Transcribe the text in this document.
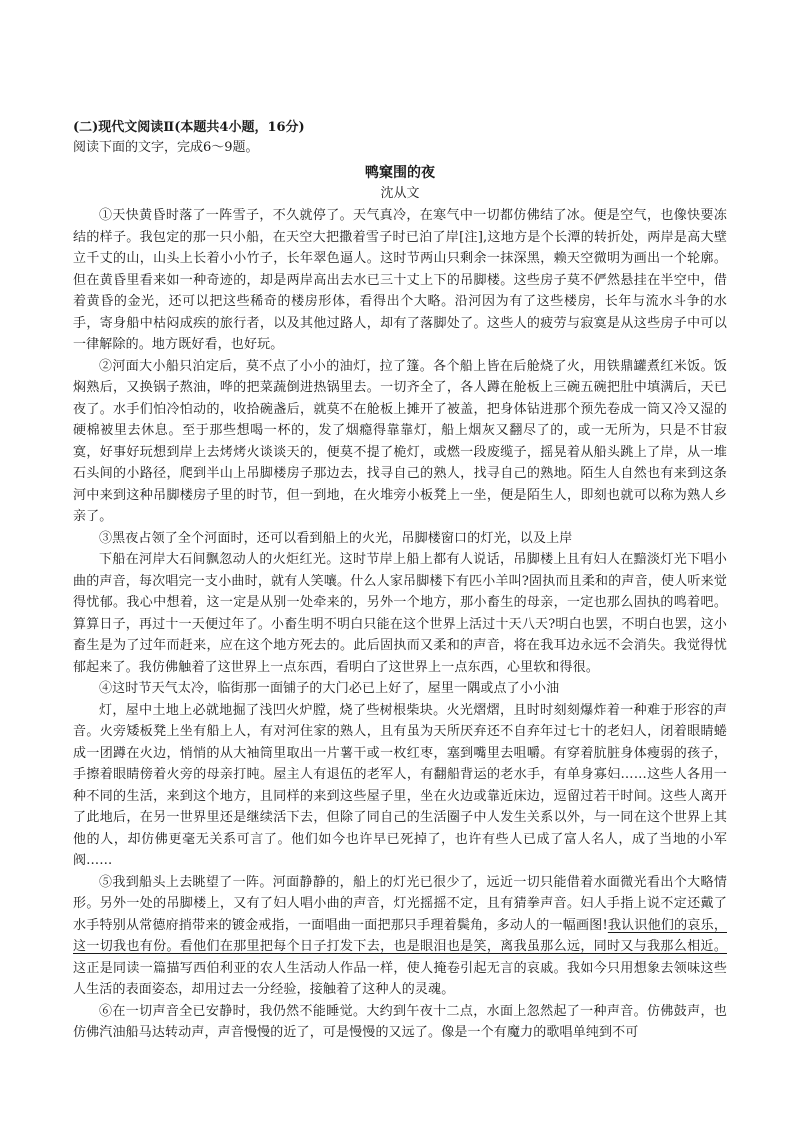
(二)现代文阅读Ⅱ(本题共4小题，16分)

阅读下面的文字，完成6～9题。

鸭窠围的夜

沈从文

①天快黄昏时落了一阵雪子，不久就停了。天气真冷，在寒气中一切都仿佛结了冰。便是空气，也像快要冻结的样子。我包定的那一只小船，在天空大把撒着雪子时已泊了岸[注],这地方是个长潭的转折处，两岸是高大壁立千丈的山，山头上长着小小竹子，长年翠色逼人。这时节两山只剩余一抹深黑，赖天空微明为画出一个轮廓。但在黄昏里看来如一种奇迹的，却是两岸高出去水已三十丈上下的吊脚楼。这些房子莫不俨然悬挂在半空中，借着黄昏的金光，还可以把这些稀奇的楼房形体，看得出个大略。沿河因为有了这些楼房，长年与流水斗争的水手，寄身船中枯闷成疾的旅行者，以及其他过路人，却有了落脚处了。这些人的疲劳与寂寞是从这些房子中可以一律解除的。地方既好看，也好玩。

②河面大小船只泊定后，莫不点了小小的油灯，拉了篷。各个船上皆在后舱烧了火，用铁鼎罐煮红米饭。饭焖熟后，又换锅子熬油，哗的把菜蔬倒进热锅里去。一切齐全了，各人蹲在舱板上三碗五碗把肚中填满后，天已夜了。水手们怕冷怕动的，收拾碗盏后，就莫不在舱板上摊开了被盖，把身体钻进那个预先卷成一筒又冷又湿的硬棉被里去休息。至于那些想喝一杯的，发了烟瘾得靠靠灯，船上烟灰又翻尽了的，或一无所为，只是不甘寂寞，好事好玩想到岸上去烤烤火谈谈天的，便莫不提了桅灯，或燃一段废缆子，摇晃着从船头跳上了岸，从一堆石头间的小路径，爬到半山上吊脚楼房子那边去，找寻自己的熟人，找寻自己的熟地。陌生人自然也有来到这条河中来到这种吊脚楼房子里的时节，但一到地，在火堆旁小板凳上一坐，便是陌生人，即刻也就可以称为熟人乡亲了。

③黑夜占领了全个河面时，还可以看到船上的火光，吊脚楼窗口的灯光，以及上岸

下船在河岸大石间飘忽动人的火炬红光。这时节岸上船上都有人说话，吊脚楼上且有妇人在黯淡灯光下唱小曲的声音，每次唱完一支小曲时，就有人笑嚷。什么人家吊脚楼下有匹小羊叫?固执而且柔和的声音，使人听来觉得忧郁。我心中想着，这一定是从别一处牵来的，另外一个地方，那小畜生的母亲，一定也那么固执的鸣着吧。算算日子，再过十一天便过年了。小畜生明不明白只能在这个世界上活过十天八天?明白也罢，不明白也罢，这小畜生是为了过年而赶来，应在这个地方死去的。此后固执而又柔和的声音，将在我耳边永远不会消失。我觉得忧郁起来了。我仿佛触着了这世界上一点东西，看明白了这世界上一点东西，心里软和得很。

④这时节天气太冷，临街那一面铺子的大门必已上好了，屋里一隅或点了小小油

灯，屋中土地上必就地掘了浅凹火炉膛，烧了些树根柴块。火光熠熠，且时时刻刻爆炸着一种难于形容的声音。火旁矮板凳上坐有船上人，有对河住家的熟人，且有虽为天所厌弃还不自弃年过七十的老妇人，闭着眼睛蜷成一团蹲在火边，悄悄的从大袖筒里取出一片薯干或一枚红枣，塞到嘴里去咀嚼。有穿着肮脏身体瘦弱的孩子，手擦着眼睛傍着火旁的母亲打盹。屋主人有退伍的老军人，有翻船背运的老水手，有单身寡妇……这些人各用一种不同的生活，来到这个地方，且同样的来到这些屋子里，坐在火边或靠近床边，逗留过若干时间。这些人离开了此地后，在另一世界里还是继续活下去，但除了同自己的生活圈子中人发生关系以外，与一同在这个世界上其他的人，却仿佛更毫无关系可言了。他们如今也许早已死掉了，也许有些人已成了富人名人，成了当地的小军阀……

⑤我到船头上去眺望了一阵。河面静静的，船上的灯光已很少了，远近一切只能借着水面微光看出个大略情形。另外一处的吊脚楼上，又有了妇人唱小曲的声音，灯光摇摇不定，且有猜拳声音。妇人手指上说不定还戴了水手特别从常德府捎带来的镀金戒指，一面唱曲一面把那只手理着鬓角，多动人的一幅画图!我认识他们的哀乐，这一切我也有份。看他们在那里把每个日子打发下去，也是眼泪也是笑，离我虽那么远，同时又与我那么相近。这正是同读一篇描写西伯利亚的农人生活动人作品一样，使人掩卷引起无言的哀戚。我如今只用想象去领味这些人生活的表面姿态，却用过去一分经验，接触着了这种人的灵魂。

⑥在一切声音全已安静时，我仍然不能睡觉。大约到午夜十二点，水面上忽然起了一种声音。仿佛鼓声，也仿佛汽油船马达转动声，声音慢慢的近了，可是慢慢的又远了。像是一个有魔力的歌唱单纯到不可
